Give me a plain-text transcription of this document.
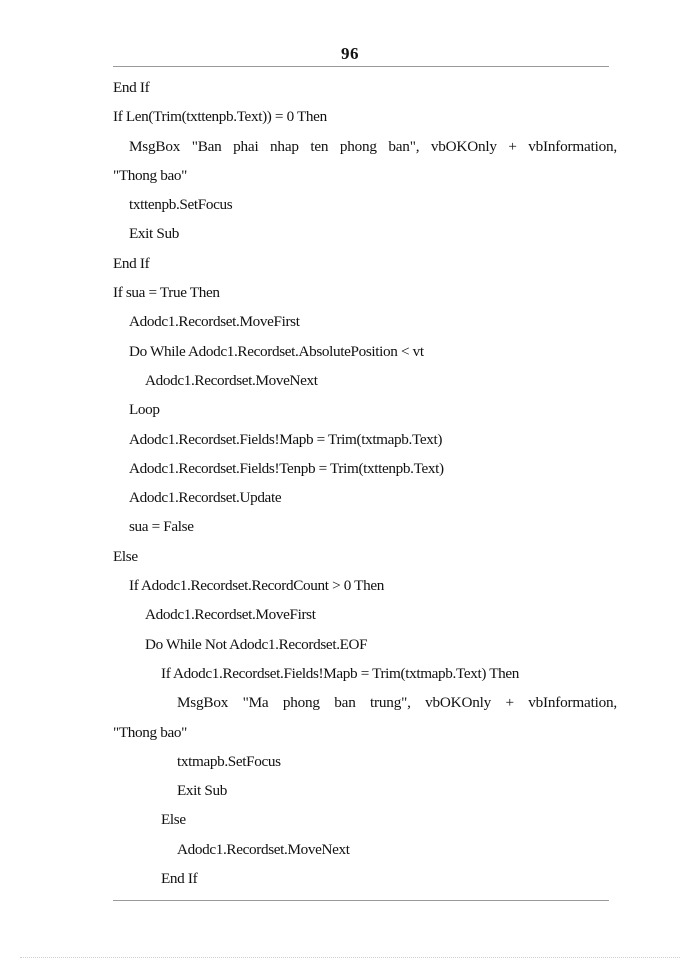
96
End If
If Len(Trim(txttenpb.Text)) = 0 Then
MsgBox "Ban phai nhap ten phong ban", vbOKOnly + vbInformation,
"Thong bao"
txttenpb.SetFocus
Exit Sub
End If
If sua = True Then
Adodc1.Recordset.MoveFirst
Do While Adodc1.Recordset.AbsolutePosition < vt
Adodc1.Recordset.MoveNext
Loop
Adodc1.Recordset.Fields!Mapb = Trim(txtmapb.Text)
Adodc1.Recordset.Fields!Tenpb = Trim(txttenpb.Text)
Adodc1.Recordset.Update
sua = False
Else
If Adodc1.Recordset.RecordCount > 0 Then
Adodc1.Recordset.MoveFirst
Do While Not Adodc1.Recordset.EOF
If Adodc1.Recordset.Fields!Mapb = Trim(txtmapb.Text) Then
MsgBox "Ma phong ban trung", vbOKOnly + vbInformation,
"Thong bao"
txtmapb.SetFocus
Exit Sub
Else
Adodc1.Recordset.MoveNext
End If
